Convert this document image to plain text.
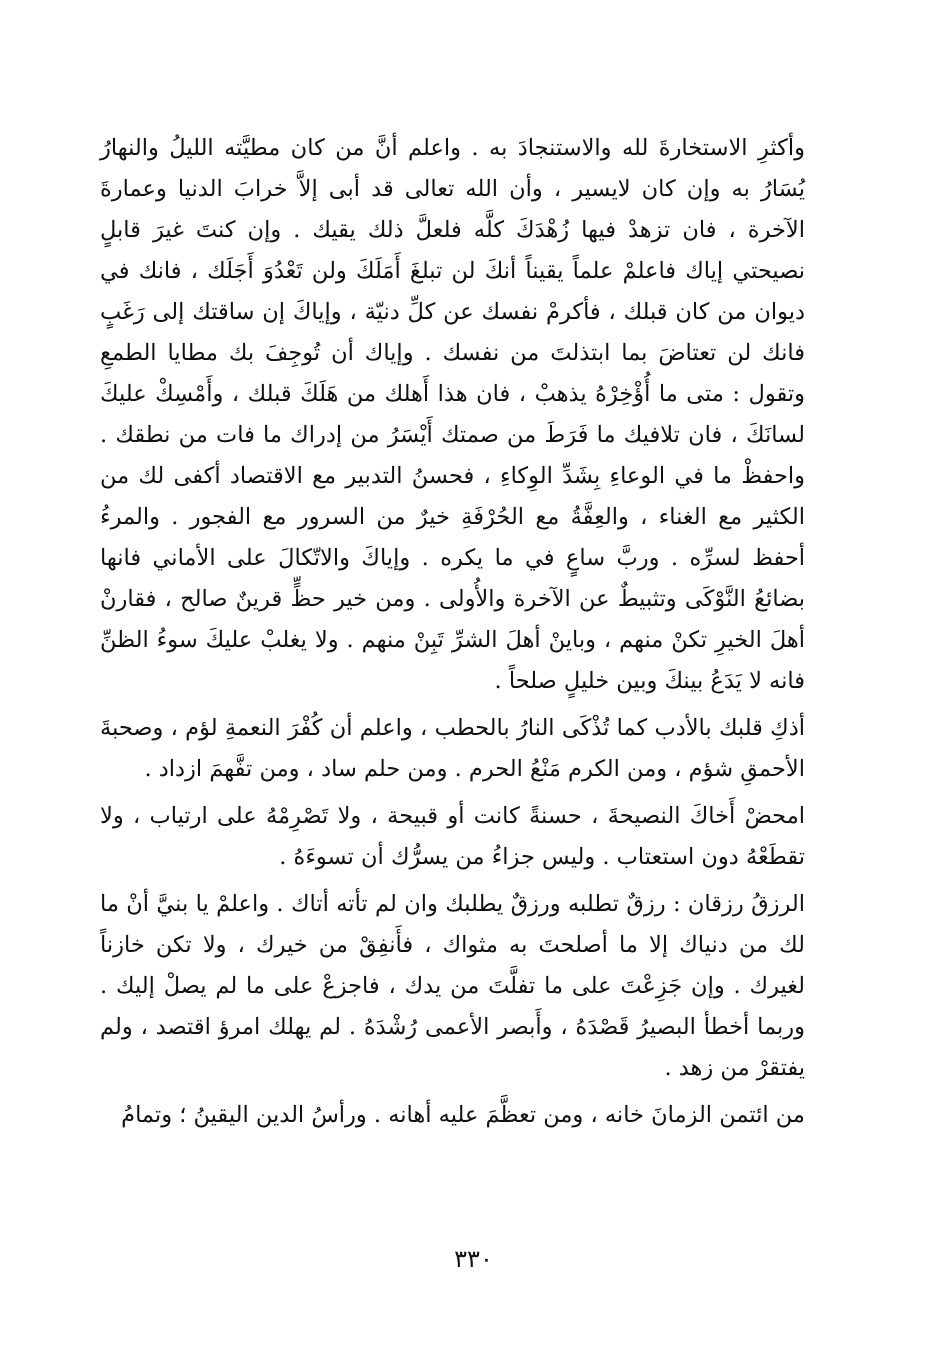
وأكثرِ الاستخارةَ لله والاستنجادَ به . واعلم أنَّ من كان مطيَّته الليلُ والنهارُ يُسَارُ به وإن كان لايسير ، وأن الله تعالى قد أبى إلاَّ خرابَ الدنيا وعمارةَ الآخرة ، فان تزهدْ فيها زُهْدَكَ كلَّه فلعلَّ ذلك يقيك . وإن كنتَ غيرَ قابلٍ نصيحتي إياك فاعلمْ علماً يقيناً أنكَ لن تبلغَ أَمَلَكَ ولن تَعْدُوَ أَجَلَك ، فانك في ديوان من كان قبلك ، فأكرمْ نفسك عن كلِّ دنيّة ، وإياكَ إن ساقتك إلى رَغَبٍ فانك لن تعتاضَ بما ابتذلتَ من نفسك . وإياك أن تُوجِفَ بك مطايا الطمعِ وتقول : متى ما أُؤْخِرْهُ يذهبْ ، فان هذا أَهلك من هَلَكَ قبلك ، وأَمْسِكْ عليكَ لسانَكَ ، فان تلافيك ما فَرَطَ من صمتك أَيْسَرُ من إدراك ما فات من نطقك . واحفظْ ما في الوعاءِ بِشَدِّ الوِكاءِ ، فحسنُ التدبير مع الاقتصاد أكفى لك من الكثير مع الغناء ، والعِفَّةُ مع الحُرْفَةِ خيرٌ من السرور مع الفجور . والمرءُ أحفظ لسرِّه . وربَّ ساعٍ في ما يكره . وإياكَ والاتّكالَ على الأماني فانها بضائعُ النَّوْكَى وتثبيطٌ عن الآخرة والأُولى . ومن خير حظٍّ قرينٌ صالح ، فقارنْ أهلَ الخيرِ تكنْ منهم ، وباينْ أهلَ الشرِّ تَبِنْ منهم . ولا يغلبْ عليكَ سوءُ الظنِّ فانه لا يَدَعُ بينكَ وبين خليلٍ صلحاً .

أذكِ قلبك بالأدب كما تُذْكَى النارُ بالحطب ، واعلم أن كُفْرَ النعمةِ لؤم ، وصحبةَ الأحمقِ شؤم ، ومن الكرم مَنْعُ الحرم . ومن حلم ساد ، ومن تفَّهمَ ازداد .

امحضْ أَخاكَ النصيحةَ ، حسنةً كانت أو قبيحة ، ولا تَصْرِمْهُ على ارتياب ، ولا تقطَعْهُ دون استعتاب . وليس جزاءُ من يسرُّك أن تسوءَهُ .

الرزقُ رزقان : رزقٌ تطلبه ورزقٌ يطلبك وان لم تأته أتاك . واعلمْ يا بنيَّ أنْ ما لك من دنياك إلا ما أصلحتَ به مثواك ، فأَنفِقْ من خيرك ، ولا تكن خازناً لغيرك . وإن جَزِعْتَ على ما تفلَّتَ من يدك ، فاجزعْ على ما لم يصلْ إليك . وربما أخطأ البصيرُ قَصْدَهُ ، وأَبصر الأعمى رُشْدَهُ . لم يهلك امرؤ اقتصد ، ولم يفتقرْ من زهد .

من ائتمن الزمانَ خانه ، ومن تعظَّمَ عليه أهانه . ورأسُ الدين اليقينُ ؛ وتمامُ

٣٣٠
